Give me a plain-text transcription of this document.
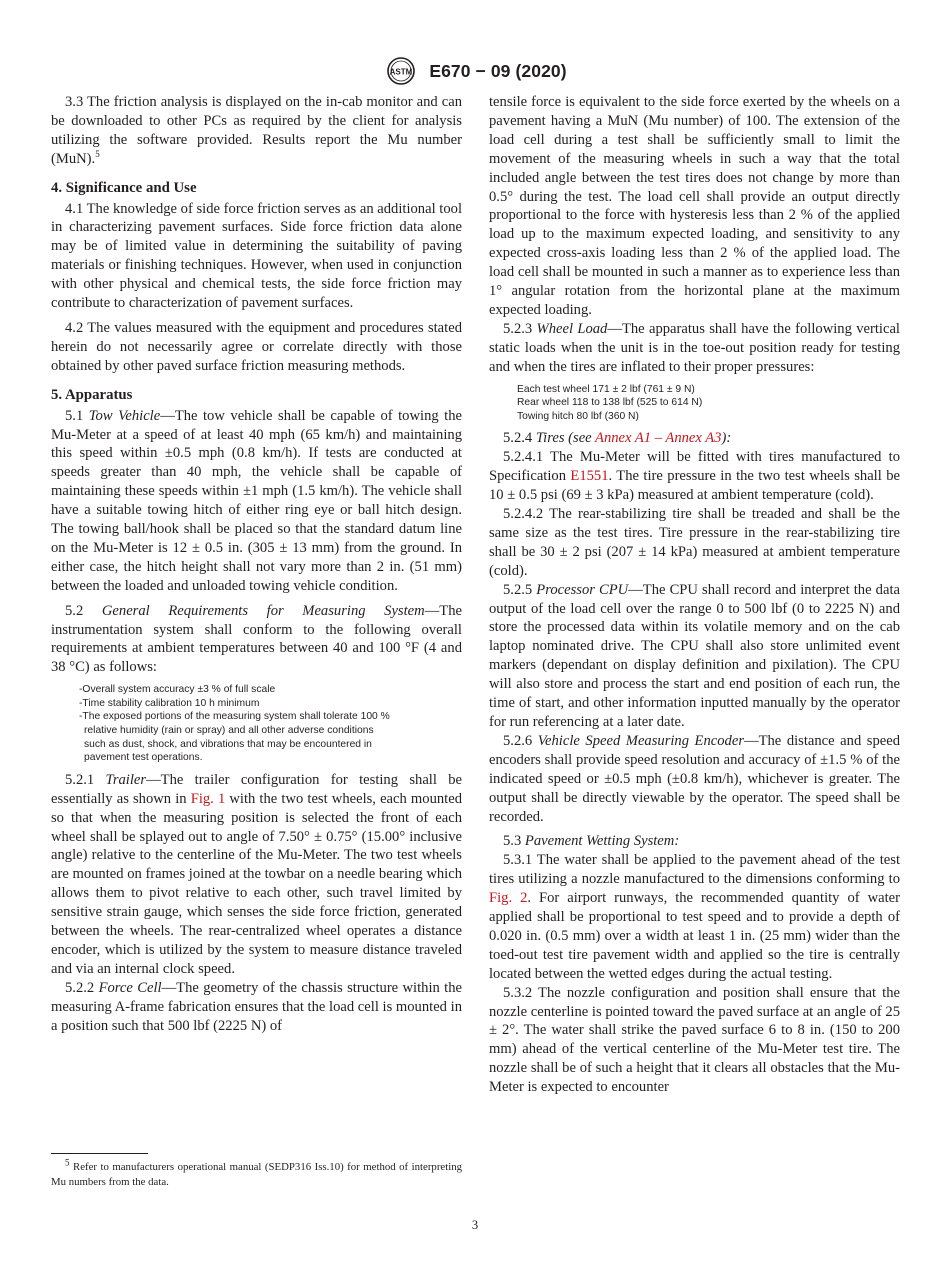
ASTM E670 − 09 (2020)

3.3 The friction analysis is displayed on the in-cab monitor and can be downloaded to other PCs as required by the client for analysis utilizing the software provided. Results report the Mu number (MuN).$^5$

4. Significance and Use

4.1 The knowledge of side force friction serves as an additional tool in characterizing pavement surfaces. Side force friction data alone may be of limited value in determining the suitability of paving materials or finishing techniques. However, when used in conjunction with other physical and chemical tests, the side force friction may contribute to characterization of pavement surfaces.

4.2 The values measured with the equipment and procedures stated herein do not necessarily agree or correlate directly with those obtained by other paved surface friction measuring methods.

5. Apparatus

5.1 Tow Vehicle—The tow vehicle shall be capable of towing the Mu-Meter at a speed of at least 40 mph (65 km/h) and maintaining this speed within ±0.5 mph (0.8 km/h). If tests are conducted at speeds greater than 40 mph, the vehicle shall be capable of maintaining these speeds within ±1 mph (1.5 km/h). The vehicle shall have a suitable towing hitch of either ring eye or ball hitch design. The towing ball/hook shall be placed so that the standard datum line on the Mu-Meter is 12 ± 0.5 in. (305 ± 13 mm) from the ground. In either case, the hitch height shall not vary more than 2 in. (51 mm) between the loaded and unloaded towing vehicle condition.

5.2 General Requirements for Measuring System—The instrumentation system shall conform to the following overall requirements at ambient temperatures between 40 and 100 °F (4 and 38 °C) as follows:

-Overall system accuracy ±3 % of full scale
-Time stability calibration 10 h minimum
-The exposed portions of the measuring system shall tolerate 100 %
relative humidity (rain or spray) and all other adverse conditions
such as dust, shock, and vibrations that may be encountered in
pavement test operations.

5.2.1 Trailer—The trailer configuration for testing shall be essentially as shown in Fig. 1 with the two test wheels, each mounted so that when the measuring position is selected the front of each wheel shall be splayed out to angle of 7.50° ± 0.75° (15.00° inclusive angle) relative to the centerline of the Mu-Meter. The two test wheels are mounted on frames joined at the towbar on a needle bearing which allows them to pivot relative to each other, such travel limited by sensitive strain gauge, which senses the side force friction, generated between the wheels. The rear-centralized wheel operates a distance encoder, which is utilized by the system to measure distance traveled and via an internal clock speed.

5.2.2 Force Cell—The geometry of the chassis structure within the measuring A-frame fabrication ensures that the load cell is mounted in a position such that 500 lbf (2225 N) of

tensile force is equivalent to the side force exerted by the wheels on a pavement having a MuN (Mu number) of 100. The extension of the load cell during a test shall be sufficiently small to limit the movement of the measuring wheels in such a way that the total included angle between the test tires does not change by more than 0.5° during the test. The load cell shall provide an output directly proportional to the force with hysteresis less than 2 % of the applied load up to the maximum expected loading, and sensitivity to any expected cross-axis loading less than 2 % of the applied load. The load cell shall be mounted in such a manner as to experience less than 1° angular rotation from the horizontal plane at the maximum expected loading.

5.2.3 Wheel Load—The apparatus shall have the following vertical static loads when the unit is in the toe-out position ready for testing and when the tires are inflated to their proper pressures:

Each test wheel 171 ± 2 lbf (761 ± 9 N)
Rear wheel 118 to 138 lbf (525 to 614 N)
Towing hitch 80 lbf (360 N)

5.2.4 Tires (see Annex A1 – Annex A3):

5.2.4.1 The Mu-Meter will be fitted with tires manufactured to Specification E1551. The tire pressure in the two test wheels shall be 10 ± 0.5 psi (69 ± 3 kPa) measured at ambient temperature (cold).

5.2.4.2 The rear-stabilizing tire shall be treaded and shall be the same size as the test tires. Tire pressure in the rear-stabilizing tire shall be 30 ± 2 psi (207 ± 14 kPa) measured at ambient temperature (cold).

5.2.5 Processor CPU—The CPU shall record and interpret the data output of the load cell over the range 0 to 500 lbf (0 to 2225 N) and store the processed data within its volatile memory and on the cab laptop nominated drive. The CPU shall also store unlimited event markers (dependant on display definition and pixilation). The CPU will also store and process the start and end position of each run, the time of start, and other information inputted manually by the operator for run referencing at a later date.

5.2.6 Vehicle Speed Measuring Encoder—The distance and speed encoders shall provide speed resolution and accuracy of ±1.5 % of the indicated speed or ±0.5 mph (±0.8 km/h), whichever is greater. The output shall be directly viewable by the operator. The speed shall be recorded.

5.3 Pavement Wetting System:

5.3.1 The water shall be applied to the pavement ahead of the test tires utilizing a nozzle manufactured to the dimensions conforming to Fig. 2. For airport runways, the recommended quantity of water applied shall be proportional to test speed and to provide a depth of 0.020 in. (0.5 mm) over a width at least 1 in. (25 mm) wider than the toed-out test tire pavement width and applied so the tire is centrally located between the wetted edges during the actual testing.

5.3.2 The nozzle configuration and position shall ensure that the nozzle centerline is pointed toward the paved surface at an angle of 25 ± 2°. The water shall strike the paved surface 6 to 8 in. (150 to 200 mm) ahead of the vertical centerline of the Mu-Meter test tire. The nozzle shall be of such a height that it clears all obstacles that the Mu-Meter is expected to encounter

$^5$ Refer to manufacturers operational manual (SEDP316 Iss.10) for method of interpreting Mu numbers from the data.
3
